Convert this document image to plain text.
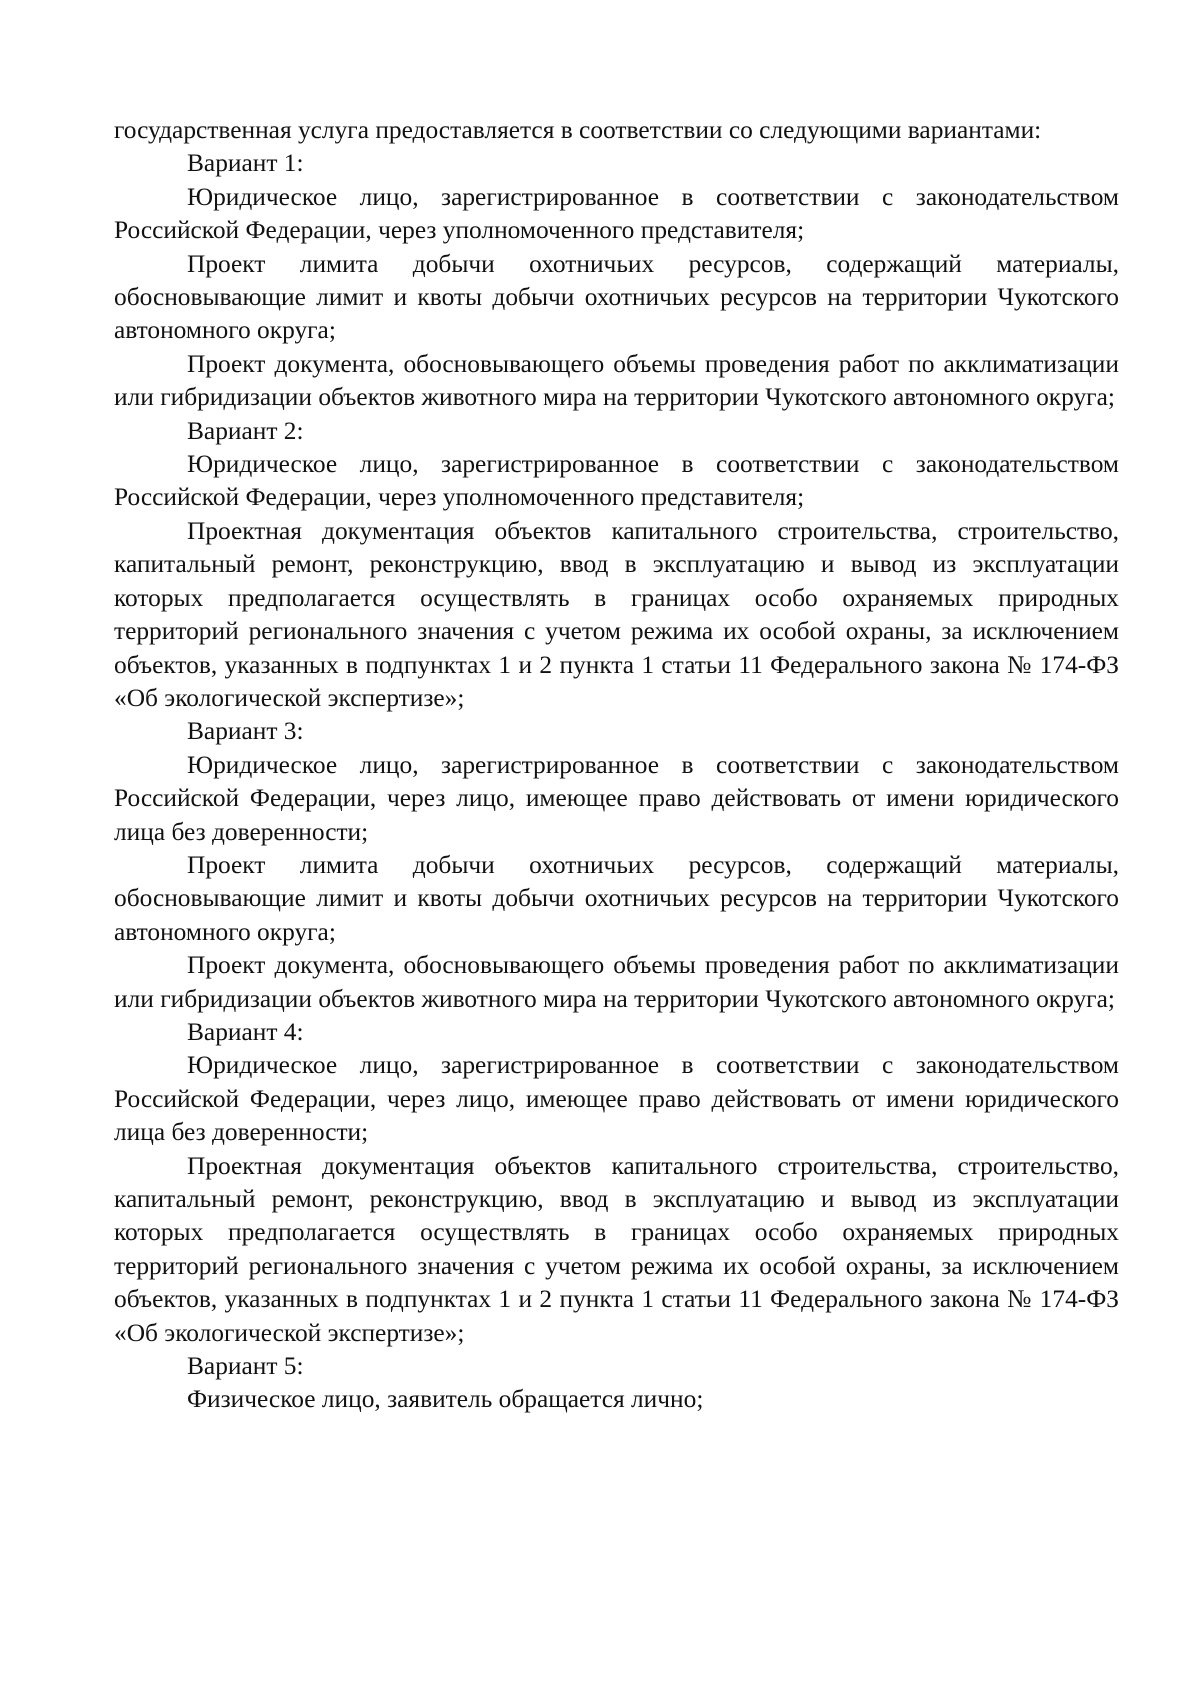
государственная услуга предоставляется в соответствии со следующими вариантами:

Вариант 1:

Юридическое лицо, зарегистрированное в соответствии с законодательством Российской Федерации, через уполномоченного представителя;

Проект лимита добычи охотничьих ресурсов, содержащий материалы, обосновывающие лимит и квоты добычи охотничьих ресурсов на территории Чукотского автономного округа;

Проект документа, обосновывающего объемы проведения работ по акклиматизации или гибридизации объектов животного мира на территории Чукотского автономного округа;

Вариант 2:

Юридическое лицо, зарегистрированное в соответствии с законодательством Российской Федерации, через уполномоченного представителя;

Проектная документация объектов капитального строительства, строительство, капитальный ремонт, реконструкцию, ввод в эксплуатацию и вывод из эксплуатации которых предполагается осуществлять в границах особо охраняемых природных территорий регионального значения с учетом режима их особой охраны, за исключением объектов, указанных в подпунктах 1 и 2 пункта 1 статьи 11 Федерального закона № 174-ФЗ «Об экологической экспертизе»;

Вариант 3:

Юридическое лицо, зарегистрированное в соответствии с законодательством Российской Федерации, через лицо, имеющее право действовать от имени юридического лица без доверенности;

Проект лимита добычи охотничьих ресурсов, содержащий материалы, обосновывающие лимит и квоты добычи охотничьих ресурсов на территории Чукотского автономного округа;

Проект документа, обосновывающего объемы проведения работ по акклиматизации или гибридизации объектов животного мира на территории Чукотского автономного округа;

Вариант 4:

Юридическое лицо, зарегистрированное в соответствии с законодательством Российской Федерации, через лицо, имеющее право действовать от имени юридического лица без доверенности;

Проектная документация объектов капитального строительства, строительство, капитальный ремонт, реконструкцию, ввод в эксплуатацию и вывод из эксплуатации которых предполагается осуществлять в границах особо охраняемых природных территорий регионального значения с учетом режима их особой охраны, за исключением объектов, указанных в подпунктах 1 и 2 пункта 1 статьи 11 Федерального закона № 174-ФЗ «Об экологической экспертизе»;

Вариант 5:

Физическое лицо, заявитель обращается лично;
